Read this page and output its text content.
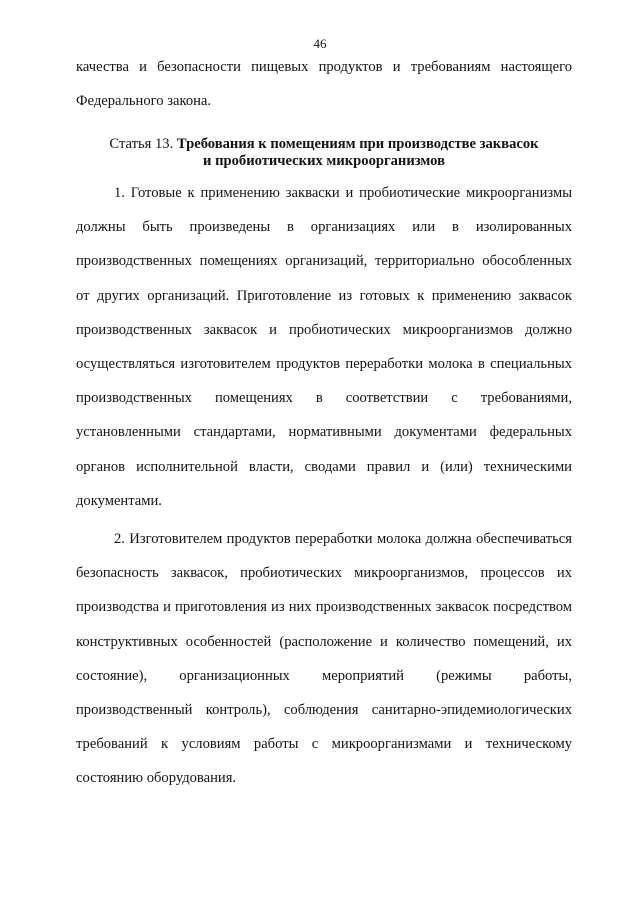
46

качества и безопасности пищевых продуктов и требованиям настоящего Федерального закона.

Статья 13. Требования к помещениям при производстве заквасок
и пробиотических микроорганизмов

1. Готовые к применению закваски и пробиотические микроорганизмы должны быть произведены в организациях или в изолированных производственных помещениях организаций, территориально обособленных от других организаций. Приготовление из готовых к применению заквасок производственных заквасок и пробиотических микроорганизмов должно осуществляться изготовителем продуктов переработки молока в специальных производственных помещениях в соответствии с требованиями, установленными стандартами, нормативными документами федеральных органов исполнительной власти, сводами правил и (или) техническими документами.

2. Изготовителем продуктов переработки молока должна обеспечиваться безопасность заквасок, пробиотических микроорганизмов, процессов их производства и приготовления из них производственных заквасок посредством конструктивных особенностей (расположение и количество помещений, их состояние), организационных мероприятий (режимы работы, производственный контроль), соблюдения санитарно-эпидемиологических требований к условиям работы с микроорганизмами и техническому состоянию оборудования.
